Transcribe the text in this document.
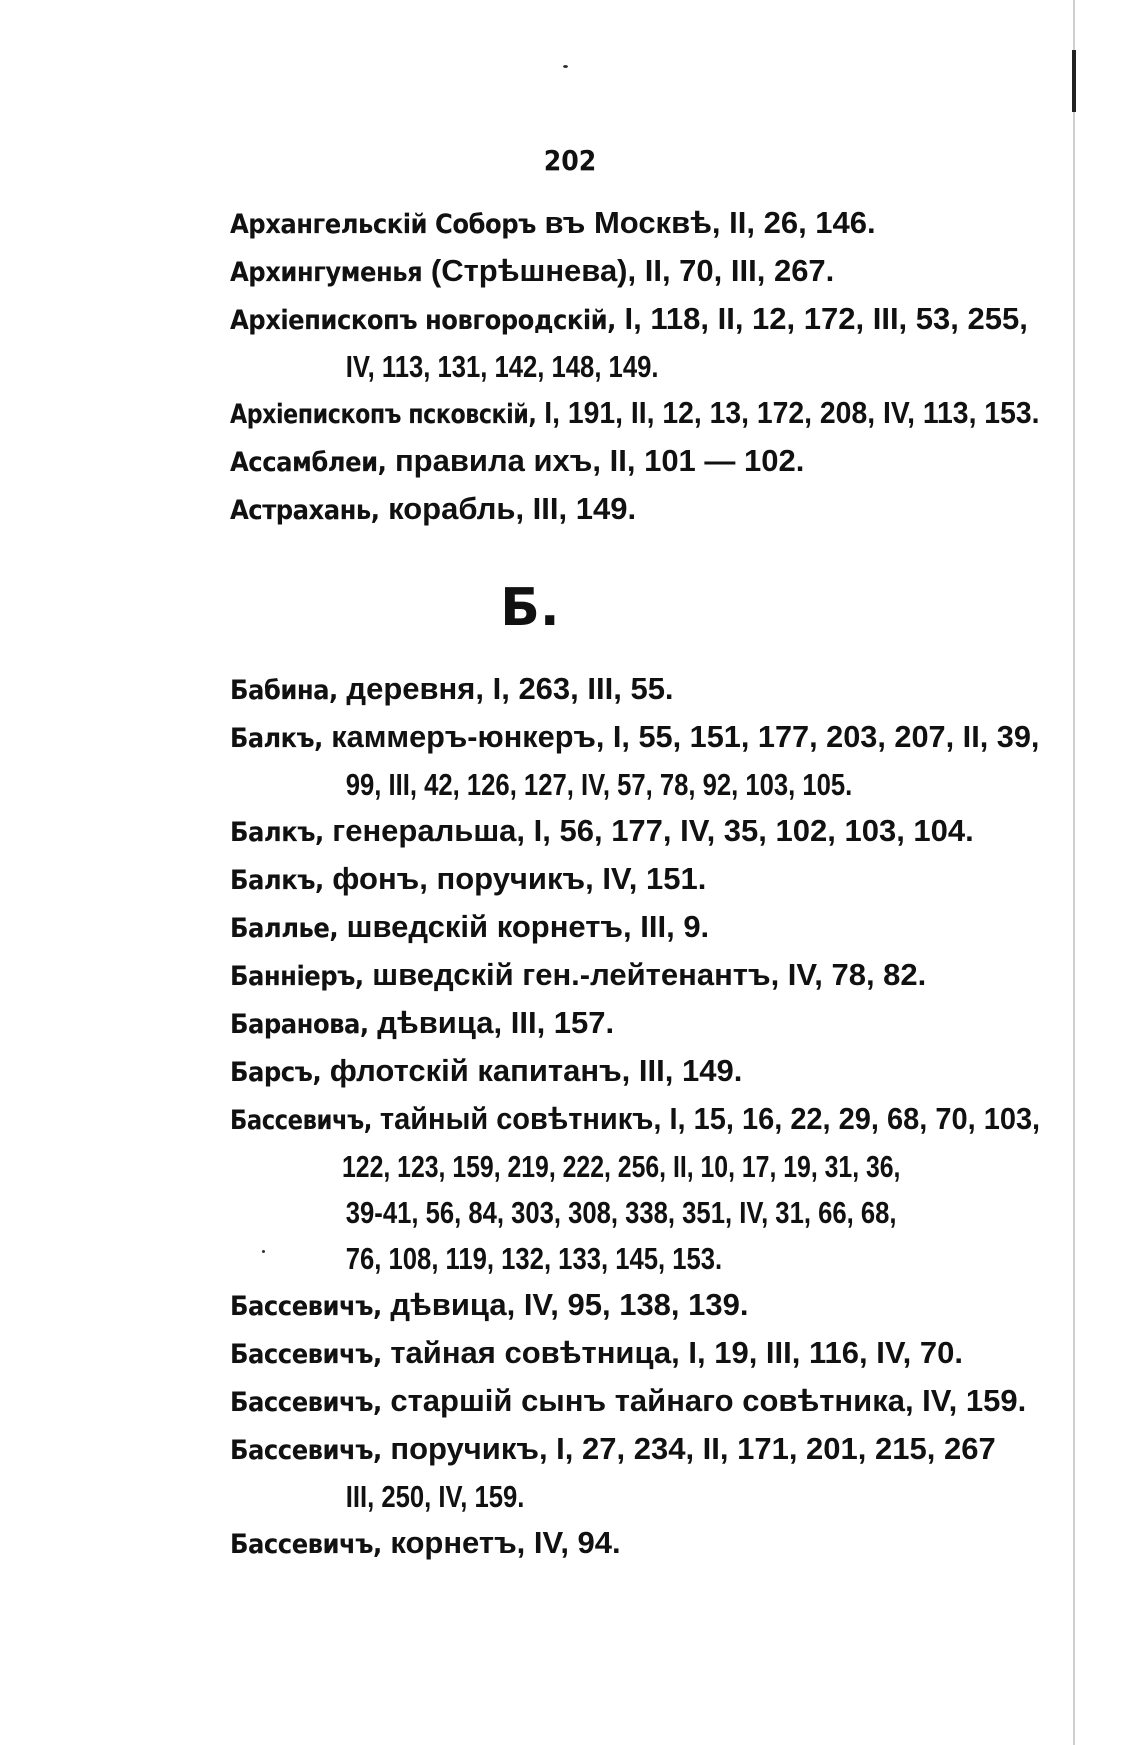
202
Архангельскій Соборъ въ Москвѣ, II, 26, 146.
Архингуменья (Стрѣшнева), II, 70, III, 267.
Архіепископъ новгородскій, I, 118, II, 12, 172, III, 53, 255,
IV, 113, 131, 142, 148, 149.
Архіепископъ псковскій, I, 191, II, 12, 13, 172, 208, IV, 113, 153.
Ассамблеи, правила ихъ, II, 101 — 102.
Астрахань, корабль, III, 149.
Б.
Бабина, деревня, I, 263, III, 55.
Балкъ, каммеръ-юнкеръ, I, 55, 151, 177, 203, 207, II, 39,
99, III, 42, 126, 127, IV, 57, 78, 92, 103, 105.
Балкъ, генеральша, I, 56, 177, IV, 35, 102, 103, 104.
Балкъ, фонъ, поручикъ, IV, 151.
Баллье, шведскій корнетъ, III, 9.
Банніеръ, шведскій ген.-лейтенантъ, IV, 78, 82.
Баранова, дѣвица, III, 157.
Барсъ, флотскій капитанъ, III, 149.
Бассевичъ, тайный совѣтникъ, I, 15, 16, 22, 29, 68, 70, 103,
122, 123, 159, 219, 222, 256, II, 10, 17, 19, 31, 36,
39-41, 56, 84, 303, 308, 338, 351, IV, 31, 66, 68,
76, 108, 119, 132, 133, 145, 153.
Бассевичъ, дѣвица, IV, 95, 138, 139.
Бассевичъ, тайная совѣтница, I, 19, III, 116, IV, 70.
Бассевичъ, старшій сынъ тайнаго совѣтника, IV, 159.
Бассевичъ, поручикъ, I, 27, 234, II, 171, 201, 215, 267
III, 250, IV, 159.
Бассевичъ, корнетъ, IV, 94.
